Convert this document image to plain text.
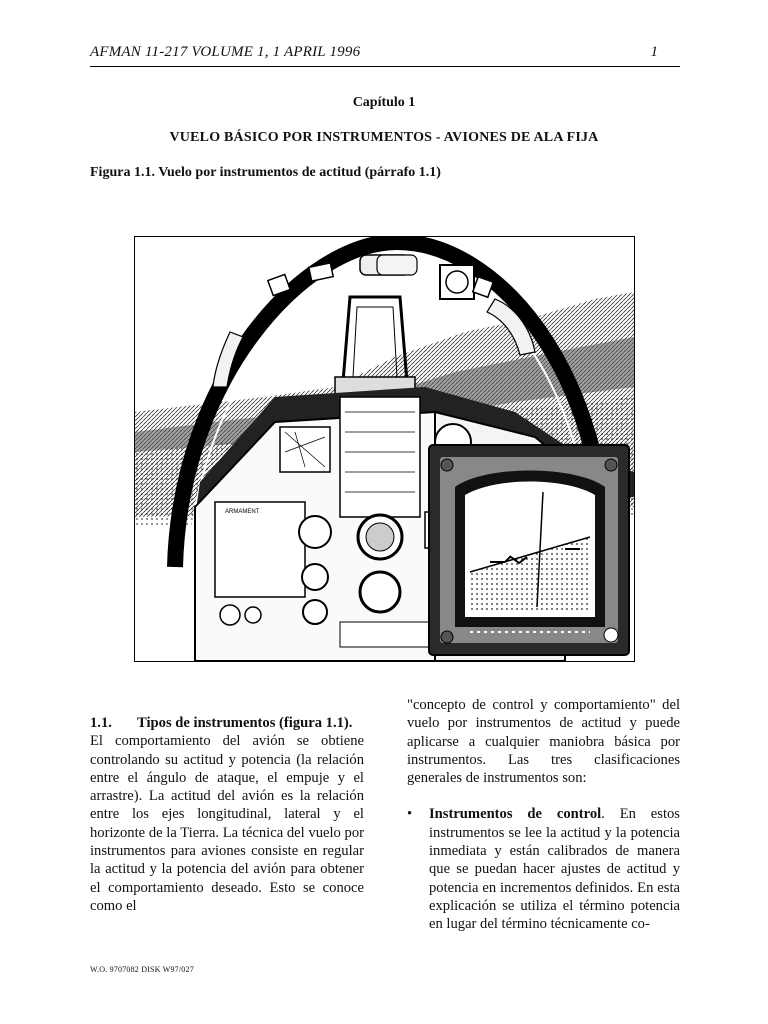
AFMAN 11-217 VOLUME 1, 1 APRIL 1996	1
Capítulo 1
VUELO BÁSICO POR INSTRUMENTOS - AVIONES DE ALA FIJA
Figura 1.1. Vuelo por instrumentos de actitud (párrafo 1.1)
ARMAMENT

1.1. Tipos de instrumentos (figura 1.1).

El comportamiento del avión se obtiene controlando su actitud y potencia (la relación entre el ángulo de ataque, el empuje y el arrastre). La actitud del avión es la relación entre los ejes longitudinal, lateral y el horizonte de la Tierra. La técnica del vuelo por instrumentos para aviones consiste en regular la actitud y la potencia del avión para obtener el comportamiento deseado. Esto se conoce como el

"concepto de control y comportamiento" del vuelo por instrumentos de actitud y puede aplicarse a cualquier maniobra básica por instrumentos. Las tres clasificaciones generales de instrumentos son:

• Instrumentos de control. En estos instrumentos se lee la actitud y la potencia inmediata y están calibrados de manera que se puedan hacer ajustes de actitud y potencia en incrementos definidos. En esta explicación se utiliza el término potencia en lugar del término técnicamente co-
W.O. 9707082 DISK W97/027
